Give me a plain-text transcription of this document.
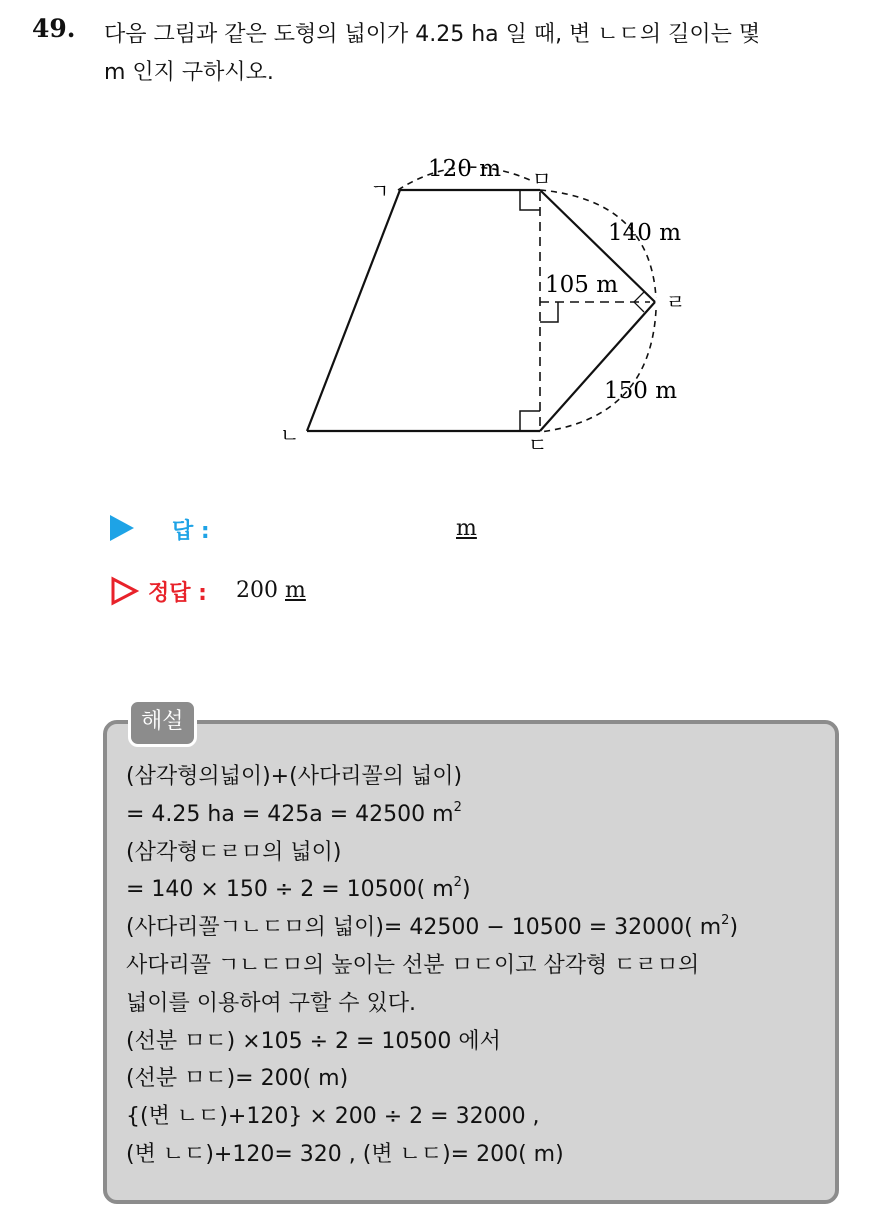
49. 다음 그림과 같은 도형의 넓이가 4.25 ha 일 때, 변 ㄴㄷ의 길이는 몇
m 인지 구하시오.
ㄱ
ㄴ	ㄷ
ㄹ
ㅁ
120 m
140 m
105 m
150 m
답 :	m
정답 : 200 m
해설
(삼각형의넓이)+(사다리꼴의 넓이)
= 4.25 ha = 425a = 42500 $m^2$
(삼각형ㄷㄹㅁ의 넓이)
= 140 × 150 ÷ 2 = 10500( $m^2$)
(사다리꼴ㄱㄴㄷㅁ의 넓이)= 42500 − 10500 = 32000( $m^2$)
사다리꼴 ㄱㄴㄷㅁ의 높이는 선분 ㅁㄷ이고 삼각형 ㄷㄹㅁ의
넓이를 이용하여 구할 수 있다.
(선분 ㅁㄷ) ×105 ÷ 2 = 10500 에서
(선분 ㅁㄷ)= 200( m)
{(변 ㄴㄷ)+120} × 200 ÷ 2 = 32000 ,
(변 ㄴㄷ)+120= 320 , (변 ㄴㄷ)= 200( m)
